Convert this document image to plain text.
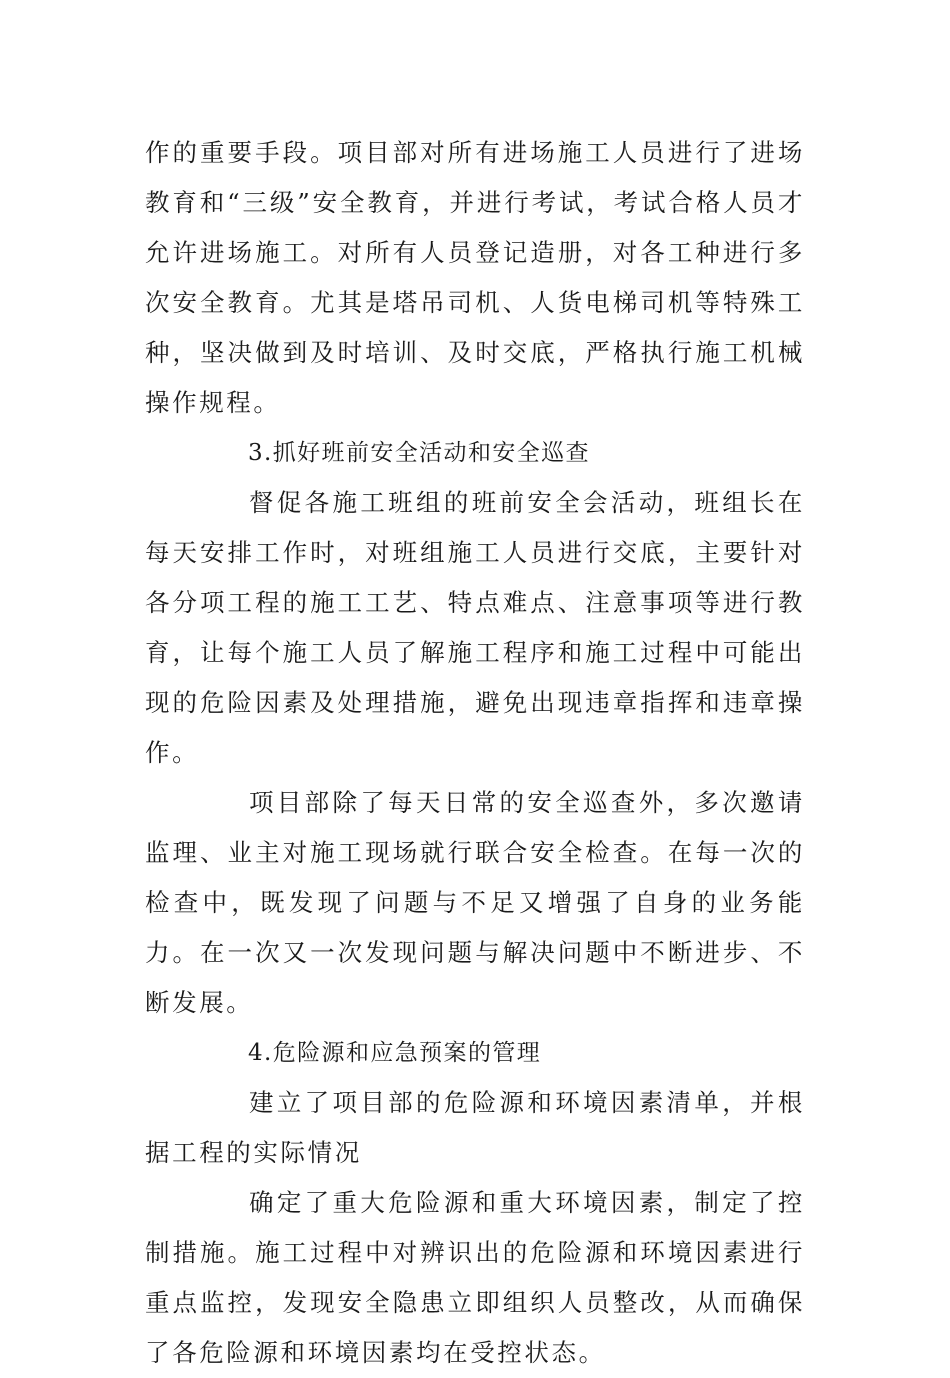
作的重要手段。项目部对所有进场施工人员进行了进场教育和“三级”安全教育，并进行考试，考试合格人员才允许进场施工。对所有人员登记造册，对各工种进行多次安全教育。尤其是塔吊司机、人货电梯司机等特殊工种，坚决做到及时培训、及时交底，严格执行施工机械操作规程。

3.抓好班前安全活动和安全巡查

督促各施工班组的班前安全会活动，班组长在每天安排工作时，对班组施工人员进行交底，主要针对各分项工程的施工工艺、特点难点、注意事项等进行教育，让每个施工人员了解施工程序和施工过程中可能出现的危险因素及处理措施，避免出现违章指挥和违章操作。

项目部除了每天日常的安全巡查外，多次邀请监理、业主对施工现场就行联合安全检查。在每一次的检查中，既发现了问题与不足又增强了自身的业务能力。在一次又一次发现问题与解决问题中不断进步、不断发展。

4.危险源和应急预案的管理

建立了项目部的危险源和环境因素清单，并根据工程的实际情况

确定了重大危险源和重大环境因素，制定了控制措施。施工过程中对辨识出的危险源和环境因素进行重点监控，发现安全隐患立即组织人员整改，从而确保了各危险源和环境因素均在受控状态。
